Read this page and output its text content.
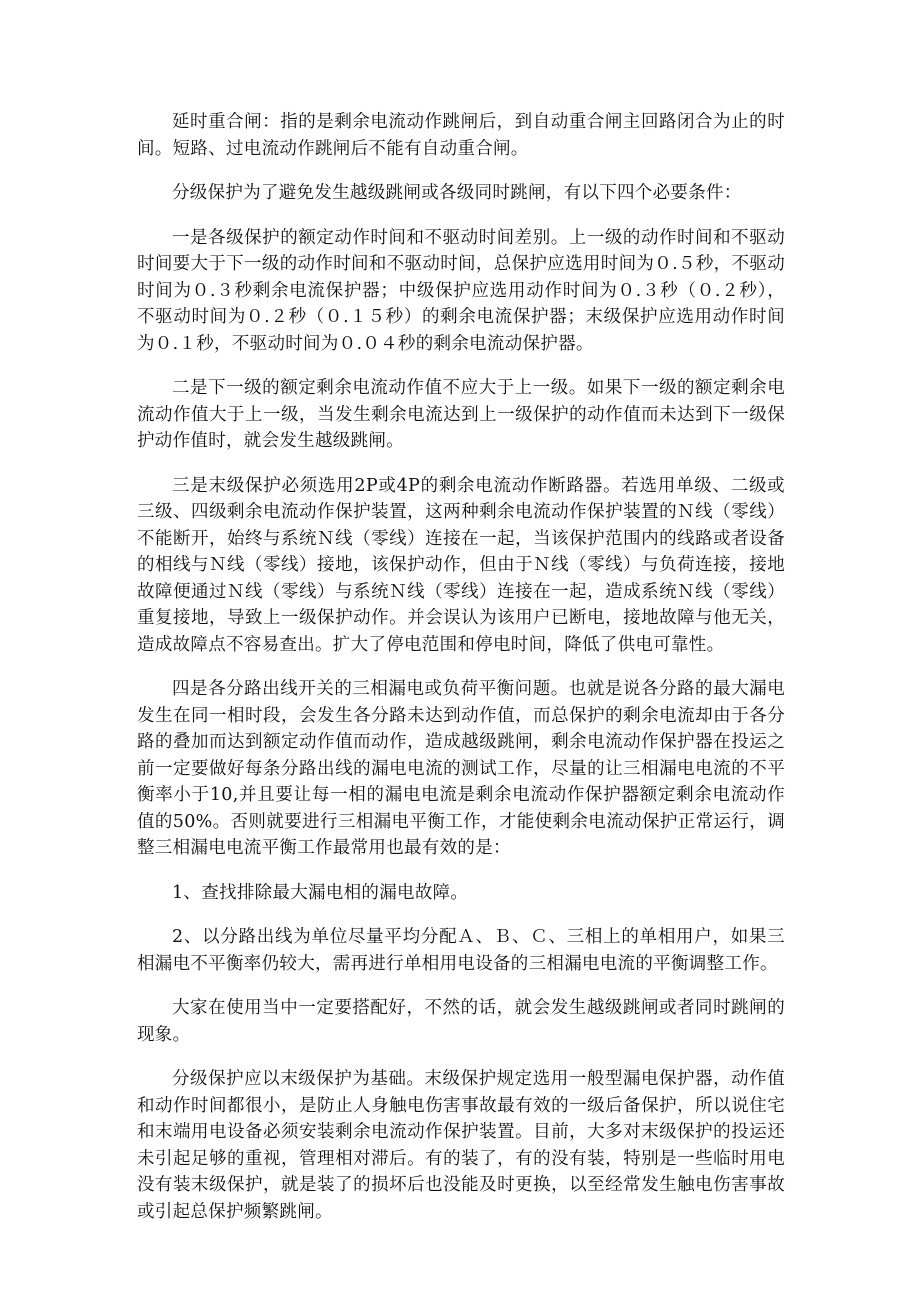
延时重合闸：指的是剩余电流动作跳闸后，到自动重合闸主回路闭合为止的时间。短路、过电流动作跳闸后不能有自动重合闸。

分级保护为了避免发生越级跳闸或各级同时跳闸，有以下四个必要条件：

一是各级保护的额定动作时间和不驱动时间差别。上一级的动作时间和不驱动时间要大于下一级的动作时间和不驱动时间，总保护应选用时间为０.５秒，不驱动时间为０.３秒剩余电流保护器；中级保护应选用动作时间为０.３秒（０.２秒），不驱动时间为０.２秒（０.１５秒）的剩余电流保护器；末级保护应选用动作时间为０.１秒，不驱动时间为０.０４秒的剩余电流动保护器。

二是下一级的额定剩余电流动作值不应大于上一级。如果下一级的额定剩余电流动作值大于上一级，当发生剩余电流达到上一级保护的动作值而未达到下一级保护动作值时，就会发生越级跳闸。

三是末级保护必须选用2P或4P的剩余电流动作断路器。若选用单级、二级或三级、四级剩余电流动作保护装置，这两种剩余电流动作保护装置的Ｎ线（零线）不能断开，始终与系统Ｎ线（零线）连接在一起，当该保护范围内的线路或者设备的相线与Ｎ线（零线）接地，该保护动作，但由于Ｎ线（零线）与负荷连接，接地故障便通过Ｎ线（零线）与系统Ｎ线（零线）连接在一起，造成系统Ｎ线（零线）重复接地，导致上一级保护动作。并会误认为该用户已断电，接地故障与他无关，造成故障点不容易查出。扩大了停电范围和停电时间，降低了供电可靠性。

四是各分路出线开关的三相漏电或负荷平衡问题。也就是说各分路的最大漏电发生在同一相时段，会发生各分路未达到动作值，而总保护的剩余电流却由于各分路的叠加而达到额定动作值而动作，造成越级跳闸，剩余电流动作保护器在投运之前一定要做好每条分路出线的漏电电流的测试工作，尽量的让三相漏电电流的不平衡率小于10,并且要让每一相的漏电电流是剩余电流动作保护器额定剩余电流动作值的50%。否则就要进行三相漏电平衡工作，才能使剩余电流动保护正常运行，调整三相漏电电流平衡工作最常用也最有效的是：

1、查找排除最大漏电相的漏电故障。

2、以分路出线为单位尽量平均分配Ａ、Ｂ、Ｃ、三相上的单相用户，如果三相漏电不平衡率仍较大，需再进行单相用电设备的三相漏电电流的平衡调整工作。

大家在使用当中一定要搭配好，不然的话，就会发生越级跳闸或者同时跳闸的现象。

分级保护应以末级保护为基础。末级保护规定选用一般型漏电保护器，动作值和动作时间都很小，是防止人身触电伤害事故最有效的一级后备保护，所以说住宅和末端用电设备必须安装剩余电流动作保护装置。目前，大多对末级保护的投运还未引起足够的重视，管理相对滞后。有的装了，有的没有装，特别是一些临时用电没有装末级保护，就是装了的损坏后也没能及时更换，以至经常发生触电伤害事故或引起总保护频繁跳闸。
